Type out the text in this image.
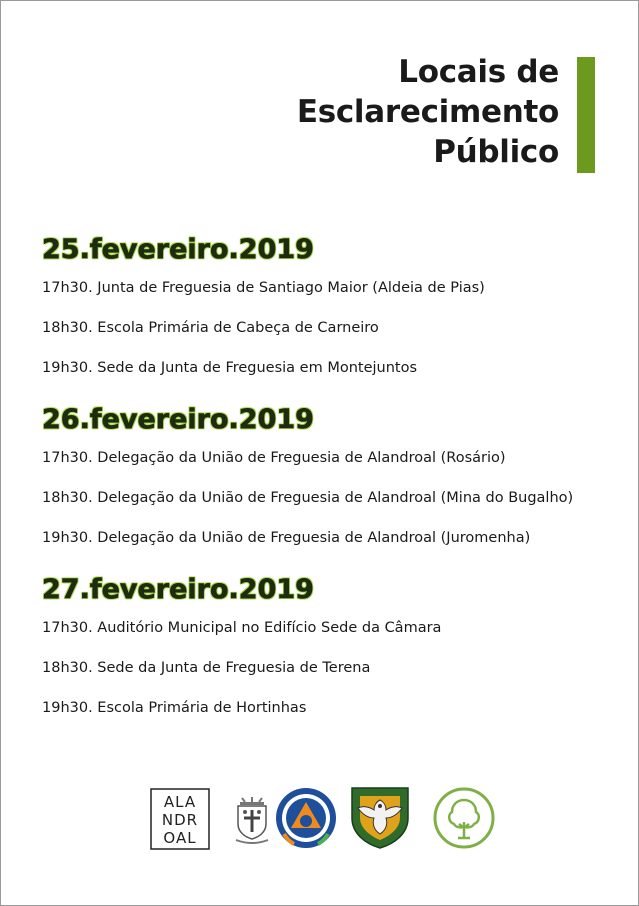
Locais de
Esclarecimento
Público
25.fevereiro.2019
17h30. Junta de Freguesia de Santiago Maior (Aldeia de Pias)
18h30. Escola Primária de Cabeça de Carneiro
19h30. Sede da Junta de Freguesia em Montejuntos
26.fevereiro.2019
17h30. Delegação da União de Freguesia de Alandroal (Rosário)
18h30. Delegação da União de Freguesia de Alandroal (Mina do Bugalho)
19h30. Delegação da União de Freguesia de Alandroal (Juromenha)
27.fevereiro.2019
17h30. Auditório Municipal no Edifício Sede da Câmara
18h30. Sede da Junta de Freguesia de Terena
19h30. Escola Primária de Hortinhas
ALA
NDR
OAL
